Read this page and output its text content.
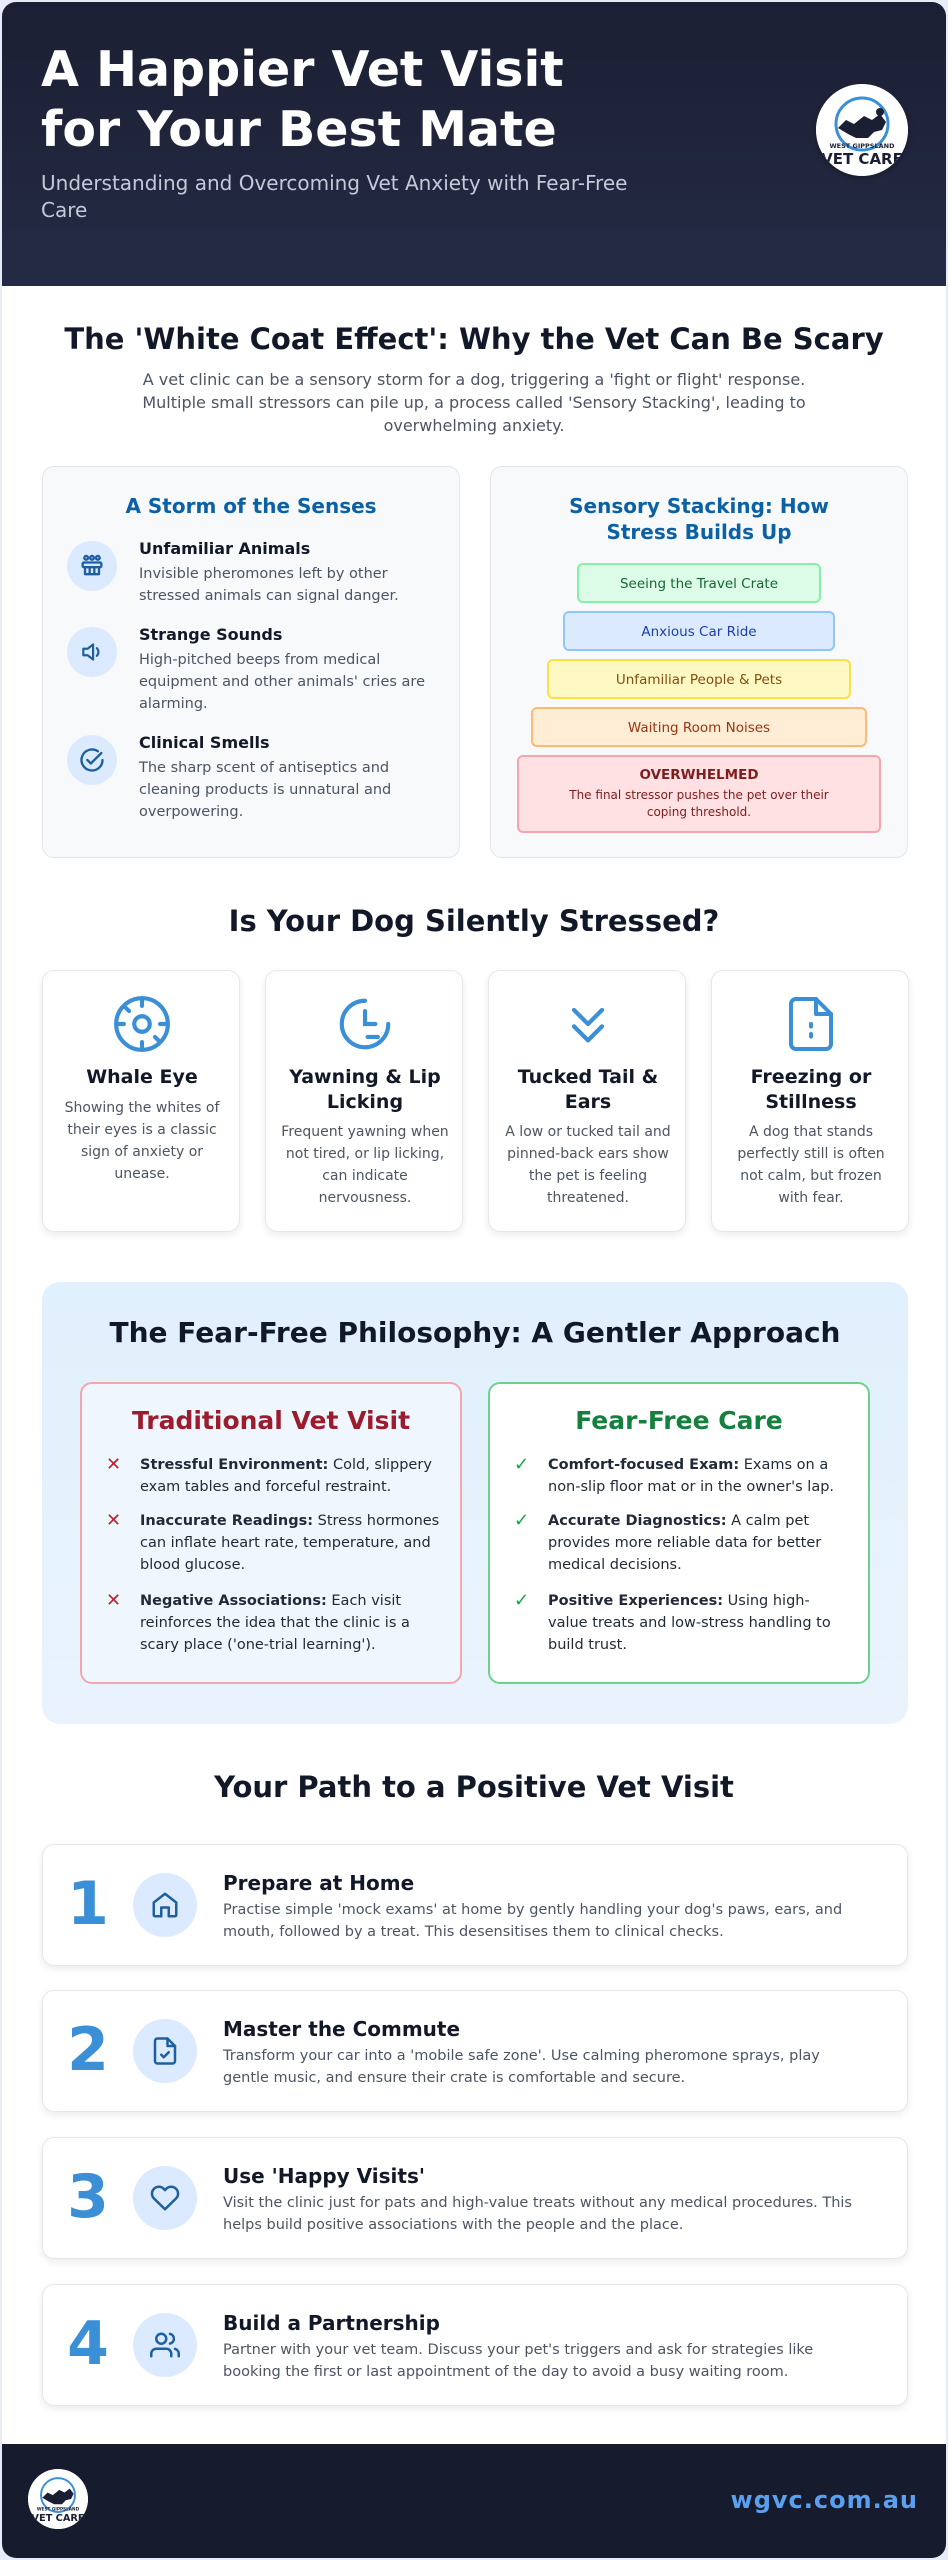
A Happier Vet Visit for Your Best Mate

Understanding and Overcoming Vet Anxiety with Fear-Free Care

WEST GIPPSLAND
VET CARE
The 'White Coat Effect': Why the Vet Can Be Scary
A vet clinic can be a sensory storm for a dog, triggering a 'fight or flight' response. Multiple small stressors can pile up, a process called 'Sensory Stacking', leading to overwhelming anxiety.
A Storm of the Senses
Unfamiliar Animals

Invisible pheromones left by other stressed animals can signal danger.

Strange Sounds

High-pitched beeps from medical equipment and other animals' cries are alarming.

Clinical Smells

The sharp scent of antiseptics and cleaning products is unnatural and overpowering.

Sensory Stacking: How Stress Builds Up
Seeing the Travel Crate
Anxious Car Ride
Unfamiliar People & Pets
Waiting Room Noises
OVERWHELMED
The final stressor pushes the pet over their coping threshold.
Is Your Dog Silently Stressed?
Whale Eye

Showing the whites of their eyes is a classic sign of anxiety or unease.

Yawning & Lip Licking

Frequent yawning when not tired, or lip licking, can indicate nervousness.

Tucked Tail & Ears

A low or tucked tail and pinned-back ears show the pet is feeling threatened.

Freezing or Stillness

A dog that stands perfectly still is often not calm, but frozen with fear.

The Fear-Free Philosophy: A Gentler Approach
Traditional Vet Visit
✕ Stressful Environment: Cold, slippery exam tables and forceful restraint.
✕ Inaccurate Readings: Stress hormones can inflate heart rate, temperature, and blood glucose.
✕ Negative Associations: Each visit reinforces the idea that the clinic is a scary place ('one-trial learning').
Fear-Free Care
✓ Comfort-focused Exam: Exams on a non-slip floor mat or in the owner's lap.
✓ Accurate Diagnostics: A calm pet provides more reliable data for better medical decisions.
✓ Positive Experiences: Using high-value treats and low-stress handling to build trust.
Your Path to a Positive Vet Visit
1	Prepare at Home

Practise simple 'mock exams' at home by gently handling your dog's paws, ears, and mouth, followed by a treat. This desensitises them to clinical checks.

2	Master the Commute

Transform your car into a 'mobile safe zone'. Use calming pheromone sprays, play gentle music, and ensure their crate is comfortable and secure.

3	Use 'Happy Visits'

Visit the clinic just for pats and high-value treats without any medical procedures. This helps build positive associations with the people and the place.

4	Build a Partnership

Partner with your vet team. Discuss your pet's triggers and ask for strategies like booking the first or last appointment of the day to avoid a busy waiting room.

WEST GIPPSLAND
VET CARE
wgvc.com.au
